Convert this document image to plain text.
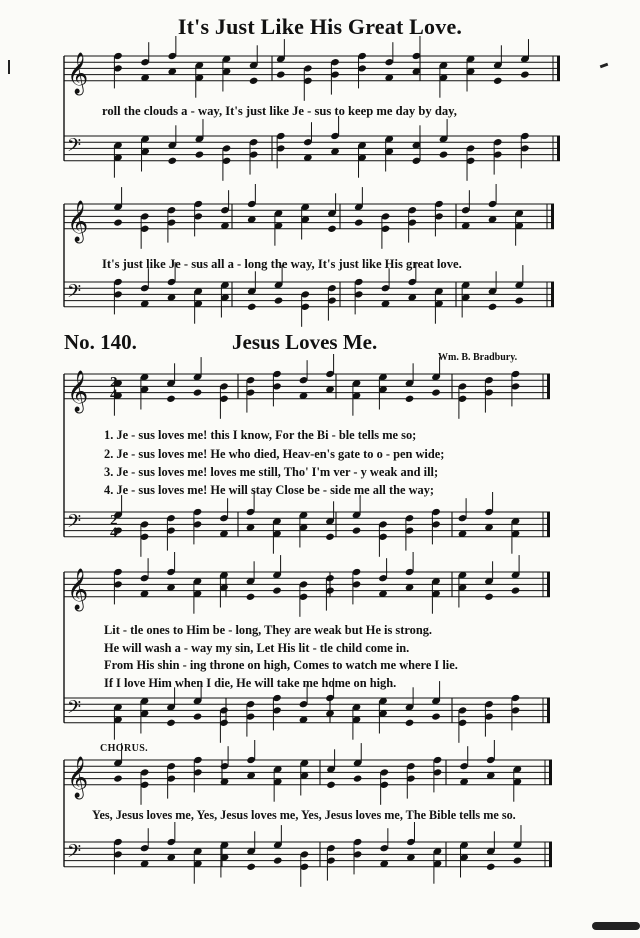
It's Just Like His Great Love.
𝄞
𝄢
𝄞
𝄢
𝄞
𝄢
𝄞
𝄢
𝄞
𝄢
2
4
2
4
roll the clouds a - way, It's just like Je - sus to keep me day by day,
It's just like Je - sus all a - long the way, It's just like His great love.
No. 140.	Jesus Loves Me.
Wm. B. Bradbury.
1. Je - sus loves me! this I know, For the Bi - ble tells me so;
2. Je - sus loves me! He who died, Heav-en's gate to o - pen wide;
3. Je - sus loves me! loves me still, Tho' I'm ver - y weak and ill;
4. Je - sus loves me! He will stay Close be - side me all the way;
Lit - tle ones to Him be - long, They are weak but He is strong.
He will wash a - way my sin, Let His lit - tle child come in.
From His shin - ing throne on high, Comes to watch me where I lie.
If I love Him when I die, He will take me home on high.
CHORUS.
Yes, Jesus loves me, Yes, Jesus loves me, Yes, Jesus loves me, The Bible tells me so.
